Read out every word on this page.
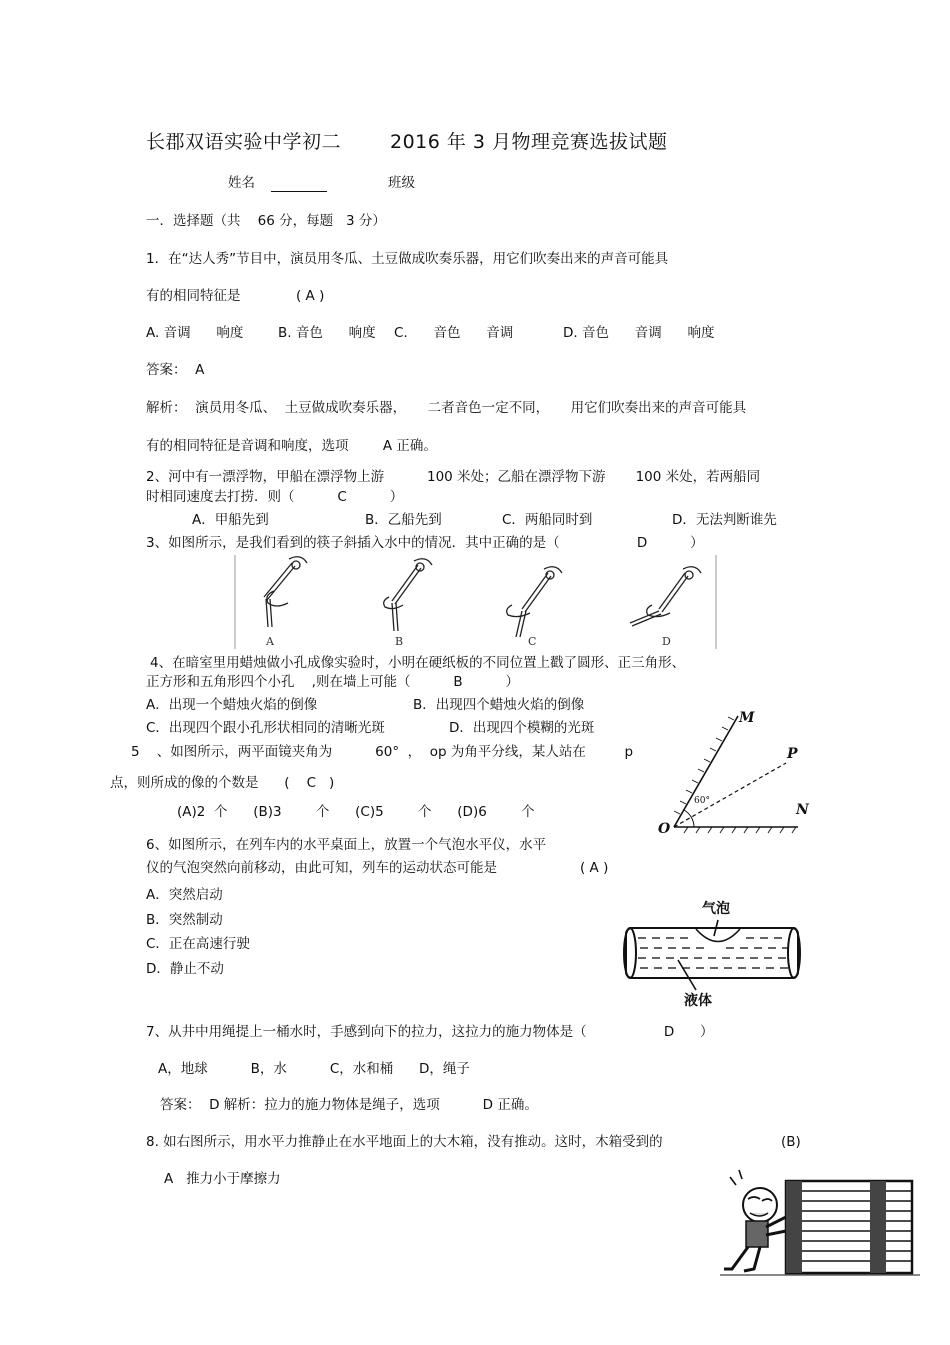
长郡双语实验中学初二	2016 年 3 月物理竞赛选拔试题
姓名	班级
一．选择题（共    66 分，每题   3 分）
1．在“达人秀”节目中，演员用冬瓜、土豆做成吹奏乐器，用它们吹奏出来的声音可能具
有的相同特征是	( A )
A. 音调      响度	B. 音色      响度 C.      音色      音调	D. 音色      音调      响度
答案：  A
解析：  演员用冬瓜、  土豆做成吹奏乐器，     二者音色一定不同，     用它们吹奏出来的声音可能具
有的相同特征是音调和响度，选项        A 正确。
2、河中有一漂浮物，甲船在漂浮物上游          100 米处；乙船在漂浮物下游       100 米处，若两船同
时相同速度去打捞．则（          C          ）
A．甲船先到	B．乙船先到	C．两船同时到	D．无法判断谁先
3、如图所示，是我们看到的筷子斜插入水中的情况．其中正确的是（                  D          ）
A	B	C	D
4、在暗室里用蜡烛做小孔成像实验时，小明在硬纸板的不同位置上戳了圆形、正三角形、
正方形和五角形四个小孔    ,则在墙上可能（          B          ）
A．出现一个蜡烛火焰的倒像	B．出现四个蜡烛火焰的倒像
C．出现四个跟小孔形状相同的清晰光斑	D．出现四个模糊的光斑
5    、如图所示，两平面镜夹角为          60°  ，  op 为角平分线，某人站在         p
点，则所成的像的个数是      (    C   )
(A)2  个      (B)3        个      (C)5        个      (D)6        个
M
P
N
O
60°
6、如图所示，在列车内的水平桌面上，放置一个气泡水平仪，水平
仪的气泡突然向前移动，由此可知，列车的运动状态可能是	( A )
A．突然启动
B．突然制动
C．正在高速行驶
D．静止不动
气泡
液体
7、从井中用绳提上一桶水时，手感到向下的拉力，这拉力的施力物体是（                  D      ）
A，地球          B，水          C，水和桶      D，绳子
答案：  D 解析：拉力的施力物体是绳子，选项          D 正确。
8. 如右图所示，用水平力推静止在水平地面上的大木箱，没有推动。这时，木箱受到的	(B)
A   推力小于摩擦力
